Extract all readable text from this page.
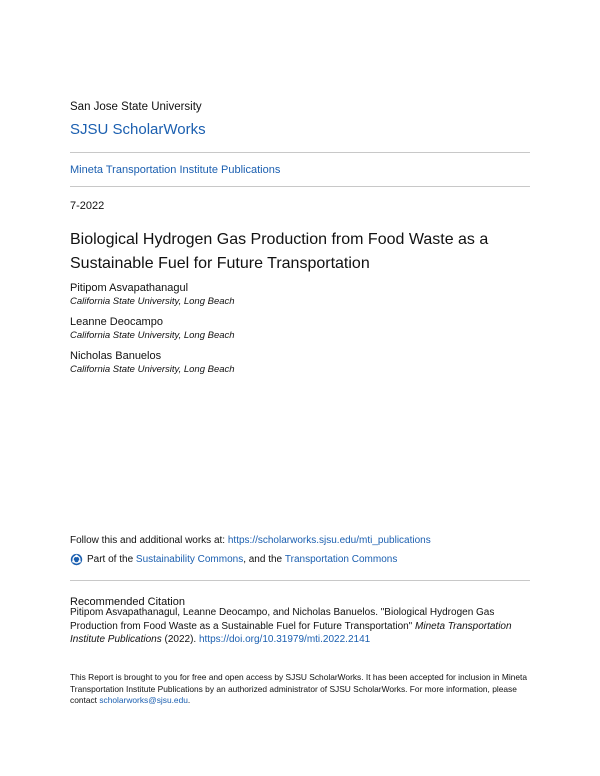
San Jose State University
SJSU ScholarWorks
Mineta Transportation Institute Publications
7-2022
Biological Hydrogen Gas Production from Food Waste as a Sustainable Fuel for Future Transportation
Pitipom Asvapathanagul
California State University, Long Beach
Leanne Deocampo
California State University, Long Beach
Nicholas Banuelos
California State University, Long Beach
Follow this and additional works at: https://scholarworks.sjsu.edu/mti_publications
Part of the
Sustainability Commons , and the
Transportation Commons
Recommended Citation
Pitipom Asvapathanagul, Leanne Deocampo, and Nicholas Banuelos. "Biological Hydrogen Gas Production from Food Waste as a Sustainable Fuel for Future Transportation" Mineta Transportation Institute Publications (2022). https://doi.org/10.31979/mti.2022.2141
This Report is brought to you for free and open access by SJSU ScholarWorks. It has been accepted for inclusion in Mineta Transportation Institute Publications by an authorized administrator of SJSU ScholarWorks. For more information, please contact scholarworks@sjsu.edu.
